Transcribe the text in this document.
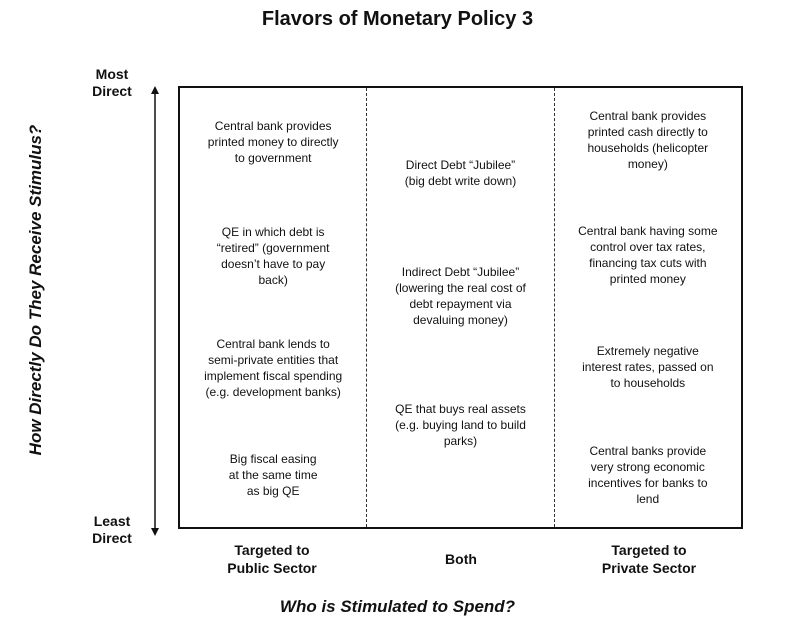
Flavors of Monetary Policy 3
How Directly Do They Receive Stimulus?
Most
Direct
Least
Direct
Central bank provides
printed money to directly
to government
QE in which debt is
“retired” (government
doesn’t have to pay
back)
Central bank lends to
semi-private entities that
implement fiscal spending
(e.g. development banks)
Big fiscal easing
at the same time
as big QE
Direct Debt “Jubilee”
(big debt write down)
Indirect Debt “Jubilee”
(lowering the real cost of
debt repayment via
devaluing money)
QE that buys real assets
(e.g. buying land to build
parks)
Central bank provides
printed cash directly to
households (helicopter
money)
Central bank having some
control over tax rates,
financing tax cuts with
printed money
Extremely negative
interest rates, passed on
to households
Central banks provide
very strong economic
incentives for banks to
lend
Targeted to
Public Sector
Both
Targeted to
Private Sector
Who is Stimulated to Spend?
